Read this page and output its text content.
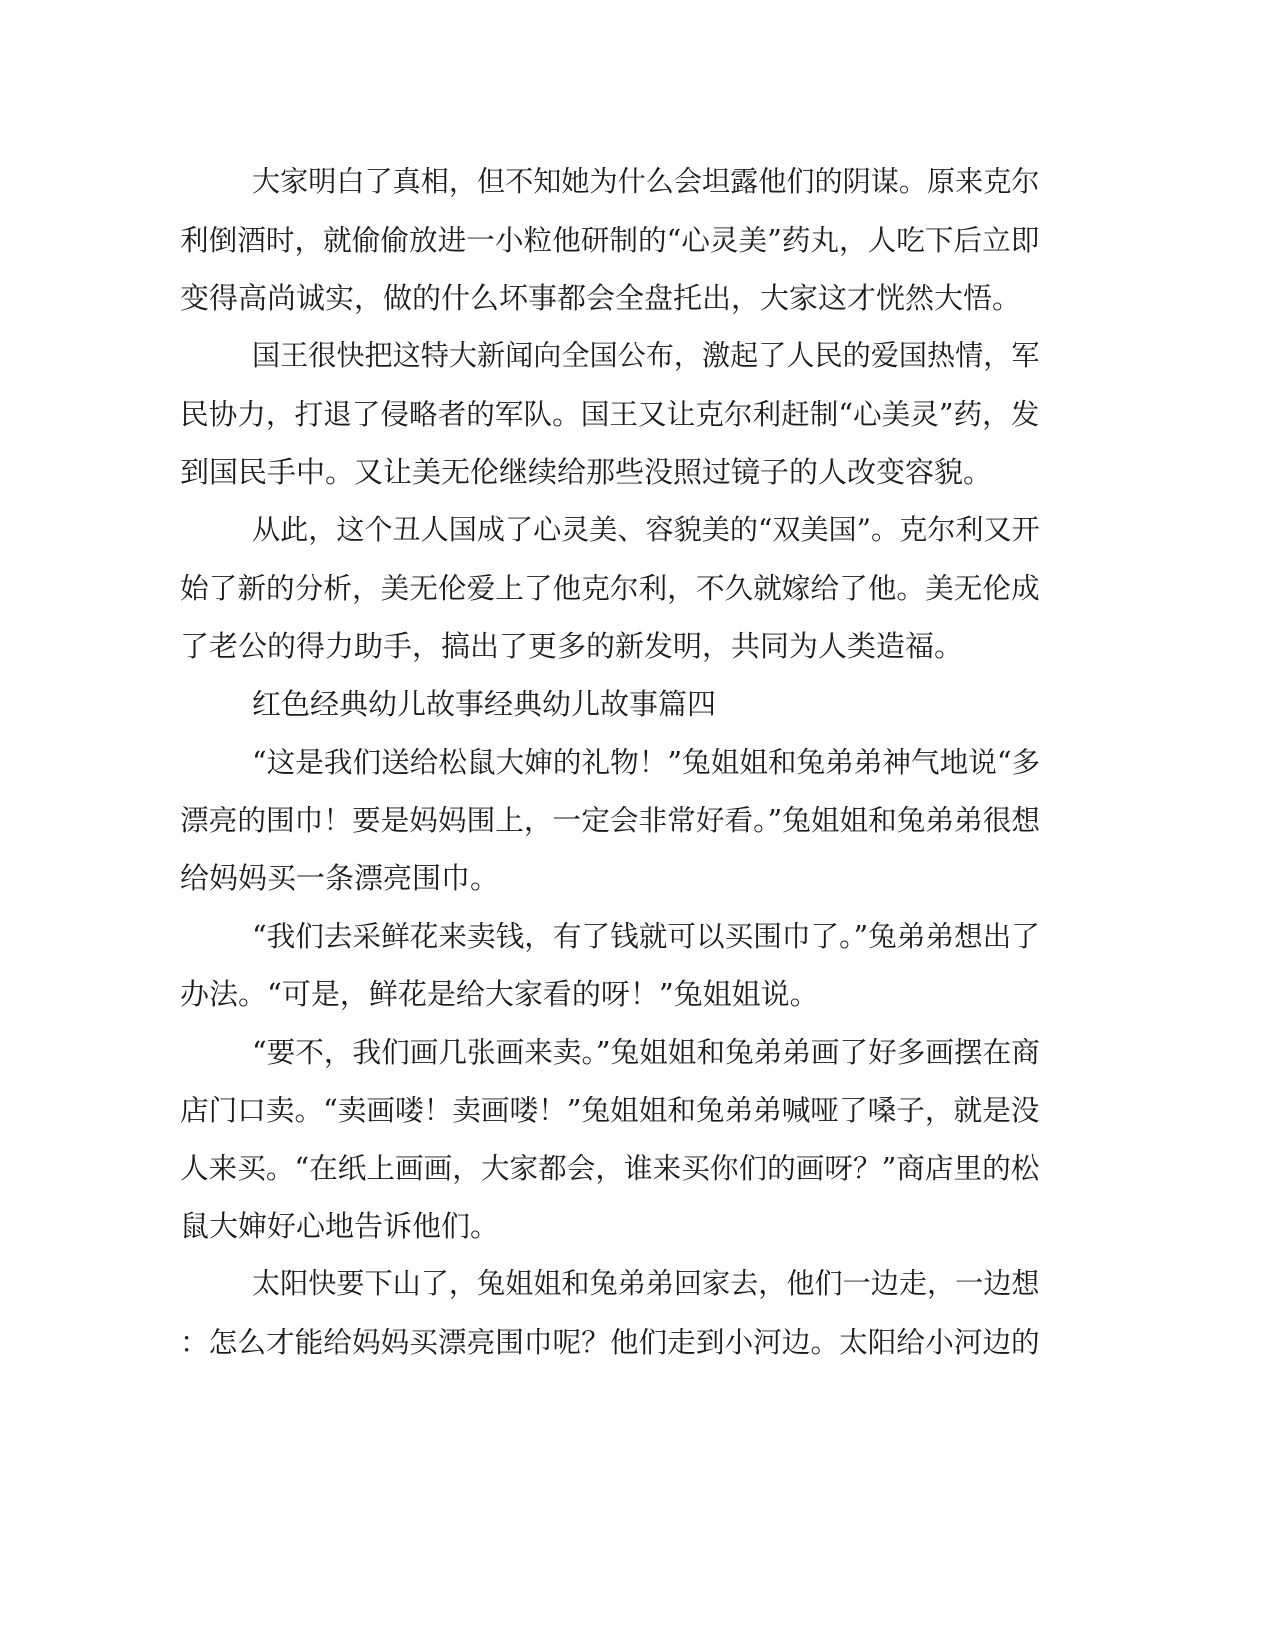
大家明白了真相，但不知她为什么会坦露他们的阴谋。原来克尔

利倒酒时，就偷偷放进一小粒他研制的“心灵美”药丸，人吃下后立即

变得高尚诚实，做的什么坏事都会全盘托出，大家这才恍然大悟。

国王很快把这特大新闻向全国公布，激起了人民的爱国热情，军

民协力，打退了侵略者的军队。国王又让克尔利赶制“心美灵”药，发

到国民手中。又让美无伦继续给那些没照过镜子的人改变容貌。

从此，这个丑人国成了心灵美、容貌美的“双美国”。克尔利又开

始了新的分析，美无伦爱上了他克尔利，不久就嫁给了他。美无伦成

了老公的得力助手，搞出了更多的新发明，共同为人类造福。

红色经典幼儿故事经典幼儿故事篇四

“这是我们送给松鼠大婶的礼物！”兔姐姐和兔弟弟神气地说“多

漂亮的围巾！要是妈妈围上，一定会非常好看。”兔姐姐和兔弟弟很想

给妈妈买一条漂亮围巾。

“我们去采鲜花来卖钱，有了钱就可以买围巾了。”兔弟弟想出了

办法。“可是，鲜花是给大家看的呀！”兔姐姐说。

“要不，我们画几张画来卖。”兔姐姐和兔弟弟画了好多画摆在商

店门口卖。“卖画喽！卖画喽！”兔姐姐和兔弟弟喊哑了嗓子，就是没

人来买。“在纸上画画，大家都会，谁来买你们的画呀？”商店里的松

鼠大婶好心地告诉他们。

太阳快要下山了，兔姐姐和兔弟弟回家去，他们一边走，一边想

：怎么才能给妈妈买漂亮围巾呢？他们走到小河边。太阳给小河边的
